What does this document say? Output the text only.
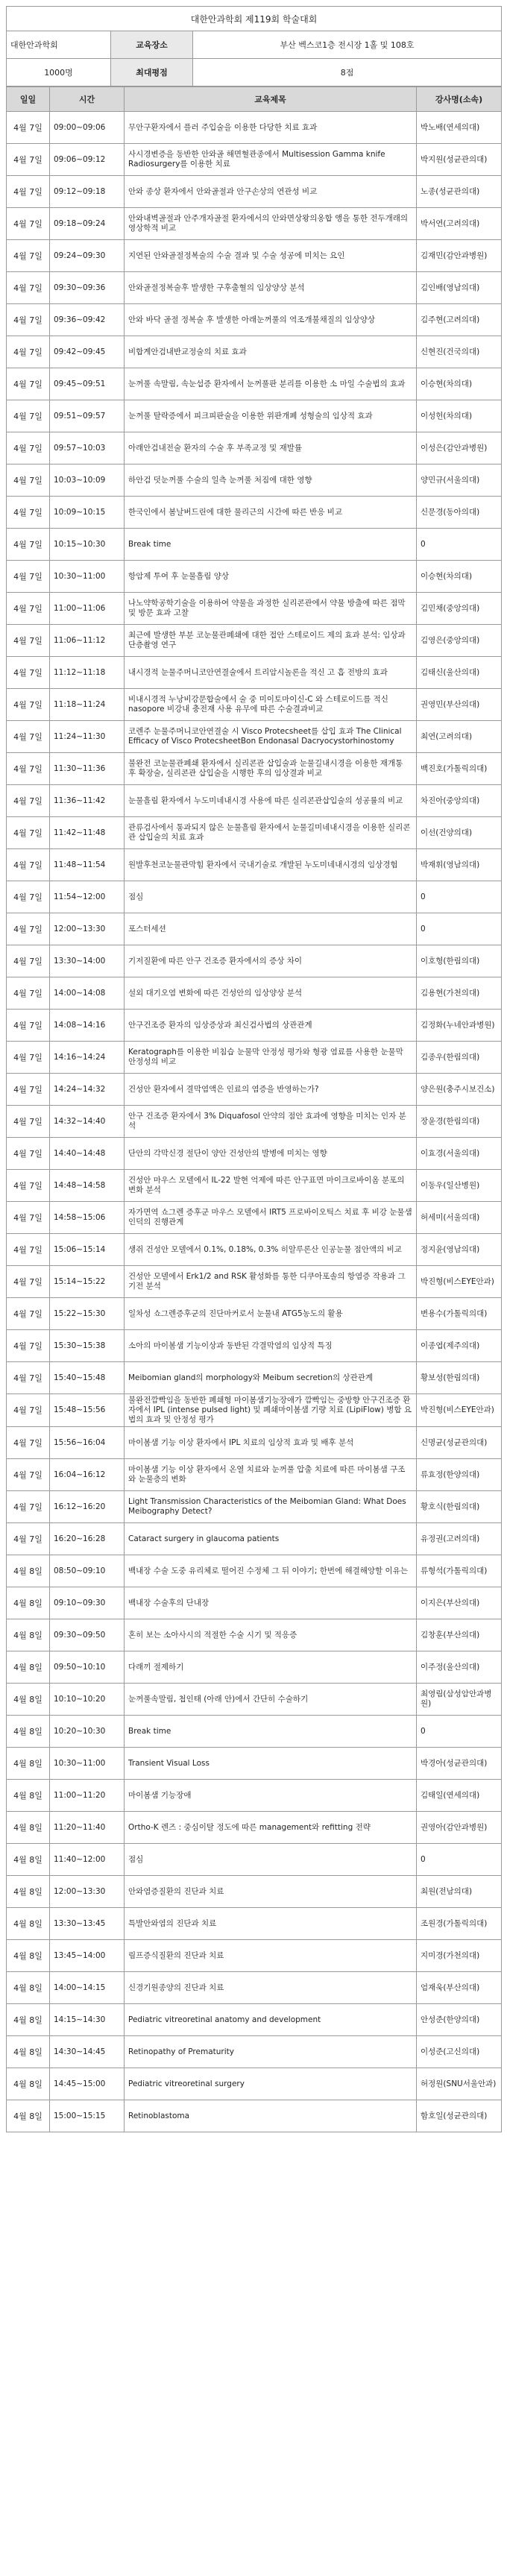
대한안과학회 제119회 학술대회		
대한안과학회	교육장소	부산 벡스코1층 전시장 1홀 및 108호
1000명	최대평점	8점
일일	시간	교육제목	강사명(소속)
4월 7일	09:00~09:06	무안구환자에서 플러 주입술을 이용한 다당한 치료 효과	박노배(연세의대)
4월 7일	09:06~09:12	사시경변증을 동반한 안와골 해면혈관종에서 Multisession Gamma knife Radiosurgery를 이용한 치료	박지원(성균관의대)
4월 7일	09:12~09:18	안와 종상 환자에서 안와골절과 안구손상의 연관성 비교	노종(성균관의대)
4월 7일	09:18~09:24	안와내벽골절과 안주개자골절 환자에서의 안와면상왕의옹합 앵을 통한 전두개래의 영상학적 비교	박서연(고려의대)
4월 7일	09:24~09:30	지연된 안와골절정복술의 수술 결과 및 수술 성공에 미치는 요인	김재민(감안과병원)
4월 7일	09:30~09:36	안와골절정복술후 발생한 구후출혈의 임상양상 분석	김인배(영남의대)
4월 7일	09:36~09:42	안와 바닥 골절 정복술 후 발생한 아래눈꺼풀의 역조개불채질의 임상양상	김주현(고려의대)
4월 7일	09:42~09:45	비합계안검내반교정술의 치료 효과	신현진(건국의대)
4월 7일	09:45~09:51	눈꺼풀 속말림, 속눈섭증 환자에서 눈꺼풀판 분리를 이용한 소 마일 수술법의 효과	이승현(차의대)
4월 7일	09:51~09:57	눈꺼풀 탈락증에서 피크피판술을 이용한 위판개폐 성형술의 임상적 효과	이성헌(차의대)
4월 7일	09:57~10:03	아래안검내전술 환자의 수술 후 부족교정 및 재발률	이성은(감안과병원)
4월 7일	10:03~10:09	하안검 덧눈꺼풀 수술의 일측 눈꺼풀 처짐에 대한 영향	양민규(서울의대)
4월 7일	10:09~10:15	한국인에서 봄날버드린에 대한 물리근의 시간에 따른 반응 비교	신문경(동아의대)
4월 7일	10:15~10:30	Break time	0
4월 7일	10:30~11:00	항암제 투여 후 눈물흘림 양상	이승현(차의대)
4월 7일	11:00~11:06	나노약학공학기술을 이용하여 약물을 과정한 실리콘관에서 약물 방출에 따른 점막 및 방문 효과 고찰	김민채(중앙의대)
4월 7일	11:06~11:12	최근에 발생한 부분 코눈물관폐쇄에 대한 접안 스테로이드 제의 효과 분석: 임상과 단층촬영 연구	김영은(중앙의대)
4월 7일	11:12~11:18	내시경적 눈물주머니코안연결술에서 트리암시놀론을 적신 고 흡 전방의 효과	김태신(울산의대)
4월 7일	11:18~11:24	비내시경적 누낭비강문합술에서 술 중 미이토마이신-C 와 스테로이드를 적신 nasopore 비강내 충전재 사용 유무에 따른 수술결과비교	권영민(부산의대)
4월 7일	11:24~11:30	코렌주 눈물주머니코안연결술 시 Visco Protecsheet를 삽입 효과 The Clinical Efficacy of Visco ProtecsheetBon Endonasal Dacryocystorhinostomy	최연(고려의대)
4월 7일	11:30~11:36	불완전 코눈물관폐쇄 환자에서 실리콘관 삽입술과 눈물길내시경을 이용한 재개통 후 확장술, 실리콘관 삽입술을 시행한 후의 임상결과 비교	백진호(가톨릭의대)
4월 7일	11:36~11:42	눈물흘림 환자에서 누도미네내시경 사용에 따른 실리콘관삽입술의 성공률의 비교	차진아(중앙의대)
4월 7일	11:42~11:48	관류검사에서 통과되지 않은 눈물흘림 환자에서 눈물길미네내시경을 이용한 실리콘관 삽입술의 치료 효과	이선(건양의대)
4월 7일	11:48~11:54	원발후천코눈물관막힘 환자에서 국내기술로 개발된 누도미네내시경의 임상경험	박재휘(영남의대)
4월 7일	11:54~12:00	점심	0
4월 7일	12:00~13:30	포스터세션	0
4월 7일	13:30~14:00	기저질환에 따른 안구 건조증 환자에서의 증상 차이	이호형(한림의대)
4월 7일	14:00~14:08	설외 대기오염 변화에 따른 건성안의 임상양상 분석	김용현(가천의대)
4월 7일	14:08~14:16	안구건조증 환자의 임상증상과 최신검사법의 상관관계	김정화(누네안과병원)
4월 7일	14:16~14:24	Keratograph를 이용한 비침습 눈물막 안정성 평가와 형광 염료를 사용한 눈물막 안정성의 비교	김종우(한림의대)
4월 7일	14:24~14:32	건성안 환자에서 결막염액은 인료의 염증을 반영하는가?	양은원(충주시보건소)
4월 7일	14:32~14:40	안구 건조증 환자에서 3% Diquafosol 안약의 점안 효과에 영향을 미치는 인자 분석	장윤경(한림의대)
4월 7일	14:40~14:48	단안의 각막신경 절단이 양안 건성안의 발병에 미치는 영향	이효경(서울의대)
4월 7일	14:48~14:58	건성안 마우스 모델에서 IL-22 발현 억제에 따른 안구표면 마이크로바이옴 분포의 변화 분석	이동우(일산병원)
4월 7일	14:58~15:06	자가면역 쇼그렌 증후군 마우스 모델에서 IRT5 프로바이오틱스 치료 후 비강 눈물샘인덕의 진행관계	허세미(서울의대)
4월 7일	15:06~15:14	생쥐 건성안 모델에서 0.1%, 0.18%, 0.3% 히알루론산 인공눈물 점안액의 비교	정지윤(영남의대)
4월 7일	15:14~15:22	건성안 모델에서 Erk1/2 and RSK 활성화를 통한 디쿠아포솔의 항염증 작용과 그 기전 분석	박진형(비스EYE안과)
4월 7일	15:22~15:30	일차성 쇼그렌증후군의 진단마커로서 눈물내 ATG5농도의 활용	변용수(가톨릭의대)
4월 7일	15:30~15:38	소아의 마이봄샘 기능이상과 동반된 각결막염의 임상적 특징	이종엽(제주의대)
4월 7일	15:40~15:48	Meibomian gland의 morphology와 Meibum secretion의 상관관계	황보성(한림의대)
4월 7일	15:48~15:56	불완전깜빡임을 동반한 폐쇄형 마이봄샘기능장애가 깜빡임는 중방향 안구건조증 환자에서 IPL (intense pulsed light) 및 폐쇄마이봄샘 기량 치료 (LipiFlow) 병합 요법의 효과 및 안정성 평가	박진형(비스EYE안과)
4월 7일	15:56~16:04	마이봄샘 기능 이상 환자에서 IPL 치료의 임상적 효과 및 배후 분석	신명균(성균관의대)
4월 7일	16:04~16:12	마이봄샘 기능 이상 환자에서 온열 치료와 눈꺼풀 압출 치료에 따른 마이봄샘 구조와 눈물층의 변화	류효정(한양의대)
4월 7일	16:12~16:20	Light Transmission Characteristics of the Meibomian Gland: What Does Meibography Detect?	황호식(한림의대)
4월 7일	16:20~16:28	Cataract surgery in glaucoma patients	유정권(고려의대)
4월 8일	08:50~09:10	백내장 수술 도중 유리체로 떨어진 수정체 그 뒤 이야기; 한번에 해결해앙할 이유는	류형석(가톨릭의대)
4월 8일	09:10~09:30	백내장 수술후의 단내장	이지은(부산의대)
4월 8일	09:30~09:50	혼히 보는 소아사시의 적절한 수술 시기 및 적응증	김창훈(부산의대)
4월 8일	09:50~10:10	다래끼 절제하기	이주정(울산의대)
4월 8일	10:10~10:20	눈꺼풀속말림, 첩인태 (아래 안)에서 간단히 수술하기	최영림(삼성암안과병원)
4월 8일	10:20~10:30	Break time	0
4월 8일	10:30~11:00	Transient Visual Loss	박경아(성균관의대)
4월 8일	11:00~11:20	마이봄샘 기능장애	김태일(연세의대)
4월 8일	11:20~11:40	Ortho-K 렌즈 : 중심이탈 정도에 따른 management와 refitting 전략	권영아(감안과병원)
4월 8일	11:40~12:00	점심	0
4월 8일	12:00~13:30	안와염증질환의 진단과 치료	최원(전남의대)
4월 8일	13:30~13:45	특발안와염의 진단과 치료	조원경(가톨릭의대)
4월 8일	13:45~14:00	림프증식질환의 진단과 치료	지미경(가천의대)
4월 8일	14:00~14:15	신경기원종양의 진단과 치료	엄재욱(부산의대)
4월 8일	14:15~14:30	Pediatric vitreoretinal anatomy and development	안성준(한양의대)
4월 8일	14:30~14:45	Retinopathy of Prematurity	이성준(고신의대)
4월 8일	14:45~15:00	Pediatric vitreoretinal surgery	허정원(SNU서울안과)
4월 8일	15:00~15:15	Retinoblastoma	함호일(성균관의대)
